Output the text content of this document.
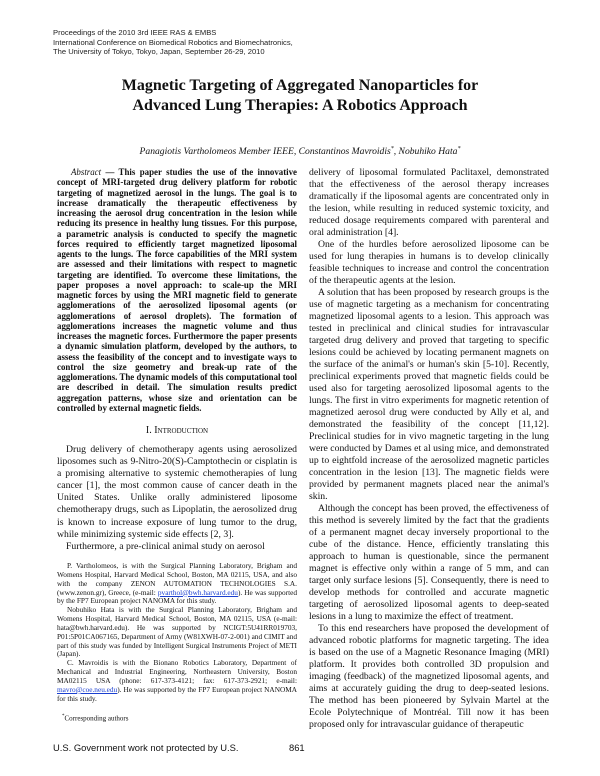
Proceedings of the 2010 3rd IEEE RAS & EMBS
International Conference on Biomedical Robotics and Biomechatronics,
The University of Tokyo, Tokyo, Japan, September 26-29, 2010
Magnetic Targeting of Aggregated Nanoparticles for
Advanced Lung Therapies: A Robotics Approach
Panagiotis Vartholomeos Member IEEE, Constantinos Mavroidis*, Nobuhiko Hata*

Abstract — This paper studies the use of the innovative concept of MRI-targeted drug delivery platform for robotic targeting of magnetized aerosol in the lungs. The goal is to increase dramatically the therapeutic effectiveness by increasing the aerosol drug concentration in the lesion while reducing its presence in healthy lung tissues. For this purpose, a parametric analysis is conducted to specify the magnetic forces required to efficiently target magnetized liposomal agents to the lungs. The force capabilities of the MRI system are assessed and their limitations with respect to magnetic targeting are identified. To overcome these limitations, the paper proposes a novel approach: to scale-up the MRI magnetic forces by using the MRI magnetic field to generate agglomerations of the aerosolized liposomal agents (or agglomerations of aerosol droplets). The formation of agglomerations increases the magnetic volume and thus increases the magnetic forces. Furthermore the paper presents a dynamic simulation platform, developed by the authors, to assess the feasibility of the concept and to investigate ways to control the size geometry and break-up rate of the agglomerations. The dynamic models of this computational tool are described in detail. The simulation results predict aggregation patterns, whose size and orientation can be controlled by external magnetic fields.

I. Introduction

Drug delivery of chemotherapy agents using aerosolized liposomes such as 9-Nitro-20(S)-Camptothecin or cisplatin is a promising alternative to systemic chemotherapies of lung cancer [1], the most common cause of cancer death in the United States. Unlike orally administered liposome chemotherapy drugs, such as Lipoplatin, the aerosolized drug is known to increase exposure of lung tumor to the drug, while minimizing systemic side effects [2, 3].

Furthermore, a pre-clinical animal study on aerosol

P. Vartholomeos, is with the Surgical Planning Laboratory, Brigham and Womens Hospital, Harvard Medical School, Boston, MA 02115, USA, and also with the company ZENON AUTOMATION TECHNOLOGIES S.A. (www.zenon.gr), Greece, (e-mail: pvarthol@bwh.harvard.edu). He was supported by the FP7 European project NANOMA for this study.

Nobuhiko Hata is with the Surgical Planning Laboratory, Brigham and Womens Hospital, Harvard Medical School, Boston, MA 02115, USA (e-mail: hata@bwh.harvard.edu). He was supported by NCIGT:5U41RR019703, P01:5P01CA067165, Department of Army (W81XWH-07-2-001) and CIMIT and part of this study was funded by Intelligent Surgical Instruments Project of METI (Japan).

C. Mavroidis is with the Bionano Robotics Laboratory, Department of Mechanical and Industrial Engineering, Northeastern University, Boston MA02115 USA (phone: 617-373-4121; fax: 617-373-2921; e-mail: mavro@coe.neu.edu). He was supported by the FP7 European project NANOMA for this study.

*Corresponding authors

delivery of liposomal formulated Paclitaxel, demonstrated that the effectiveness of the aerosol therapy increases dramatically if the liposomal agents are concentrated only in the lesion, while resulting in reduced systemic toxicity, and reduced dosage requirements compared with parenteral and oral administration [4].

One of the hurdles before aerosolized liposome can be used for lung therapies in humans is to develop clinically feasible techniques to increase and control the concentration of the therapeutic agents at the lesion.

A solution that has been proposed by research groups is the use of magnetic targeting as a mechanism for concentrating magnetized liposomal agents to a lesion. This approach was tested in preclinical and clinical studies for intravascular targeted drug delivery and proved that targeting to specific lesions could be achieved by locating permanent magnets on the surface of the animal's or human's skin [5-10]. Recently, preclinical experiments proved that magnetic fields could be used also for targeting aerosolized liposomal agents to the lungs. The first in vitro experiments for magnetic retention of magnetized aerosol drug were conducted by Ally et al, and demonstrated the feasibility of the concept [11,12]. Preclinical studies for in vivo magnetic targeting in the lung were conducted by Dames et al using mice, and demonstrated up to eightfold increase of the aerosolized magnetic particles concentration in the lesion [13]. The magnetic fields were provided by permanent magnets placed near the animal's skin.

Although the concept has been proved, the effectiveness of this method is severely limited by the fact that the gradients of a permanent magnet decay inversely proportional to the cube of the distance. Hence, efficiently translating this approach to human is questionable, since the permanent magnet is effective only within a range of 5 mm, and can target only surface lesions [5]. Consequently, there is need to develop methods for controlled and accurate magnetic targeting of aerosolized liposomal agents to deep-seated lesions in a lung to maximize the effect of treatment.

To this end researchers have proposed the development of advanced robotic platforms for magnetic targeting. The idea is based on the use of a Magnetic Resonance Imaging (MRI) platform. It provides both controlled 3D propulsion and imaging (feedback) of the magnetized liposomal agents, and aims at accurately guiding the drug to deep-seated lesions. The method has been pioneered by Sylvain Martel at the Ecole Polytechnique of Montréal. Till now it has been proposed only for intravascular guidance of therapeutic

U.S. Government work not protected by U.S.	861
